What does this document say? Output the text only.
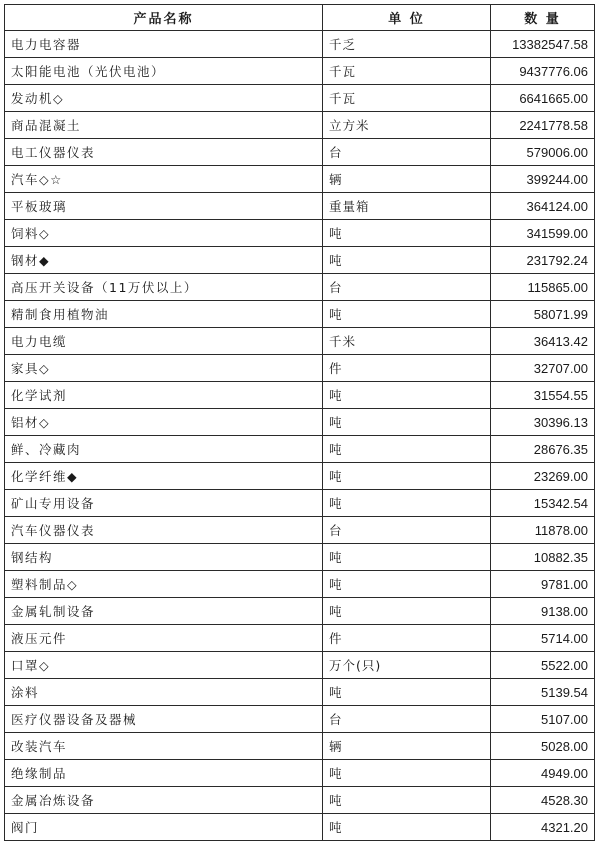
产品名称	单 位	数 量
电力电容器	千乏	13382547.58
太阳能电池（光伏电池）	千瓦	9437776.06
发动机◇	千瓦	6641665.00
商品混凝土	立方米	2241778.58
电工仪器仪表	台	579006.00
汽车◇☆	辆	399244.00
平板玻璃	重量箱	364124.00
饲料◇	吨	341599.00
钢材◆	吨	231792.24
高压开关设备（11万伏以上）	台	115865.00
精制食用植物油	吨	58071.99
电力电缆	千米	36413.42
家具◇	件	32707.00
化学试剂	吨	31554.55
铝材◇	吨	30396.13
鲜、冷藏肉	吨	28676.35
化学纤维◆	吨	23269.00
矿山专用设备	吨	15342.54
汽车仪器仪表	台	11878.00
钢结构	吨	10882.35
塑料制品◇	吨	9781.00
金属轧制设备	吨	9138.00
液压元件	件	5714.00
口罩◇	万个(只)	5522.00
涂料	吨	5139.54
医疗仪器设备及器械	台	5107.00
改装汽车	辆	5028.00
绝缘制品	吨	4949.00
金属冶炼设备	吨	4528.30
阀门	吨	4321.20
